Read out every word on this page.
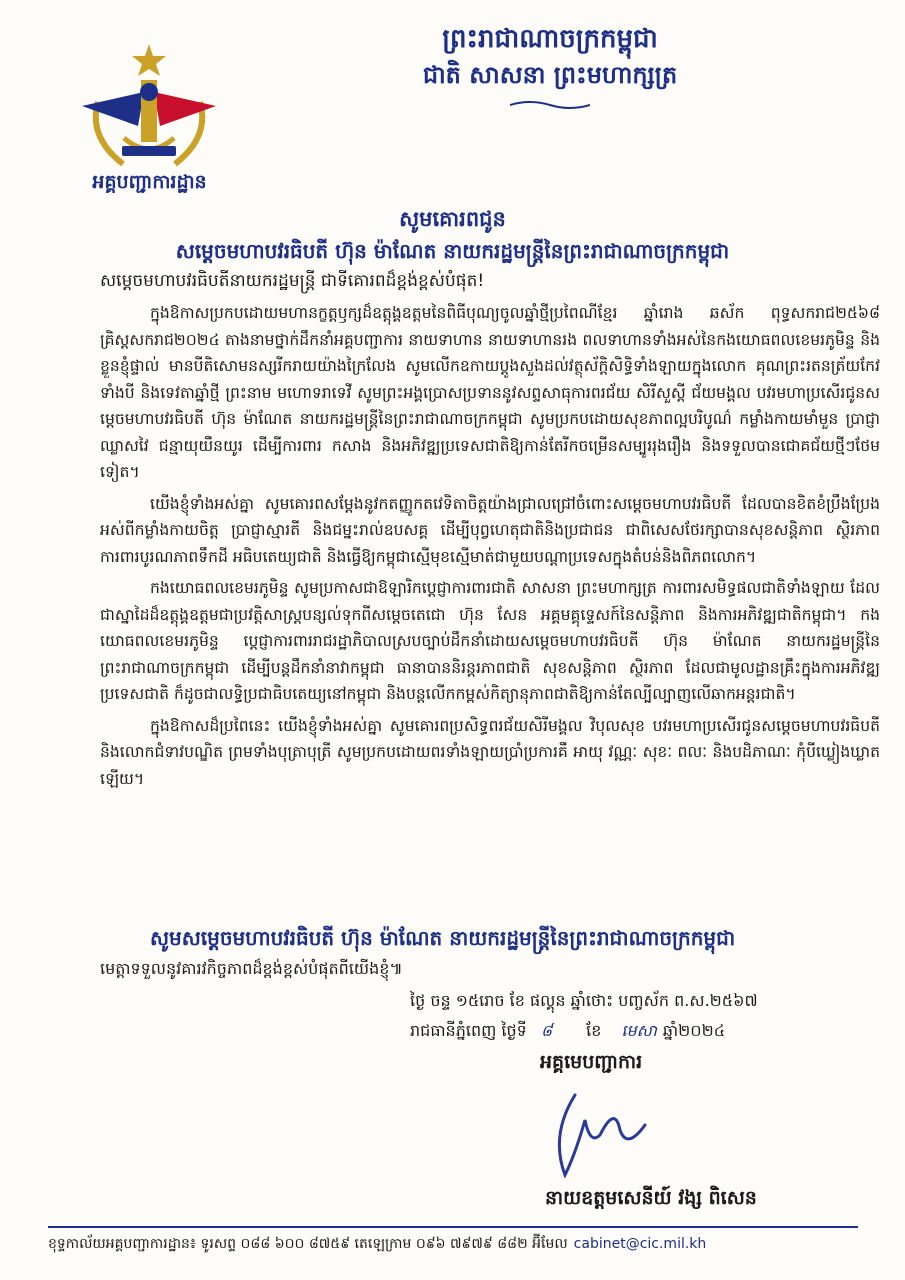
អគ្គបញ្ជាការដ្ឋាន
ព្រះរាជាណាចក្រកម្ពុជា
ជាតិ សាសនា ព្រះមហាក្សត្រ
សូមគោរពជូន
សម្តេចមហាបវរធិបតី ហ៊ុន ម៉ាណែត នាយករដ្ឋមន្ត្រីនៃព្រះរាជាណាចក្រកម្ពុជា
សម្ដេចមហាបវរធិបតីនាយករដ្ឋមន្ត្រី ជាទីគោរពដ៏ខ្ពង់ខ្ពស់បំផុត!

ក្នុងឱកាសប្រកបដោយមហានក្ខត្តឫក្សដ៏ឧត្តុង្គឧត្តមនៃពិធីបុណ្យចូលឆ្នាំថ្មីប្រពៃណីខ្មែរ ឆ្នាំរោង ឆស័ក ពុទ្ធសករាជ២៥៦៨ គ្រិស្តសករាជ២០២៤ តាងនាមថ្នាក់ដឹកនាំអគ្គបញ្ជាការ នាយទាហាន នាយទាហានរង ពលទាហានទាំងអស់នៃកងយោធពលខេមរភូមិន្ទ និងខ្លួនខ្ញុំផ្ទាល់ មានបីតិសោមនស្សរីករាយយ៉ាងក្រៃលែង សូមលើកឧកាយប្ដូងសួងដល់វត្ថុស័ក្តិសិទ្ធិទាំងឡាយក្នុងលោក គុណព្រះរតនត្រ័យកែវទាំងបី និងទេវតាឆ្នាំថ្មី ព្រះនាម មហោទរាទេវី សូមព្រះអង្គប្រោសប្រទាននូវសព្ទសាធុការពរជ័យ សិរីសួស្តី ជ័យមង្គល បវរមហាប្រសើរជូនសម្តេចមហាបវរធិបតី ហ៊ុន ម៉ាណែត នាយករដ្ឋមន្ត្រីនៃព្រះរាជាណាចក្រកម្ពុជា សូមប្រកបដោយសុខភាពល្អបរិបូណ៌ កម្លាំងកាយមាំមួន ប្រាជ្ញាឈ្លាសវៃ ជន្មាយុយឺនយូរ ដើម្បីការពារ កសាង និងអភិវឌ្ឍប្រទេសជាតិឱ្យកាន់តែរីកចម្រើនសម្បូររុងរឿង និងទទួលបានជោគជ័យថ្មីៗថែមទៀត។

យើងខ្ញុំទាំងអស់គ្នា សូមគោរពសម្ដែងនូវកតញ្ញូកតវេទិតាចិត្តយ៉ាងជ្រាលជ្រៅចំពោះសម្តេចមហាបវរធិបតី ដែលបានខិតខំប្រឹងប្រែងអស់ពីកម្លាំងកាយចិត្ត ប្រាជ្ញាស្មារតី និងជម្នះរាល់ឧបសគ្គ ដើម្បីបុព្វហេតុជាតិនិងប្រជាជន ជាពិសេសថែរក្សាបានសុខសន្តិភាព ស្ថិរភាព ការពារបូរណភាពទឹកដី អធិបតេយ្យជាតិ និងធ្វើឱ្យកម្ពុជាស្មើមុខស្មើមាត់ជាមួយបណ្តាប្រទេសក្នុងតំបន់និងពិភពលោក។

កងយោធពលខេមរភូមិន្ទ សូមប្រកាសជាឱឡារិកប្ដេជ្ញាការពារជាតិ សាសនា ព្រះមហាក្សត្រ ការពារសមិទ្ធផលជាតិទាំងឡាយ ដែលជាស្នាដៃដ៏ឧត្តុង្គឧត្តមជាប្រវត្តិសាស្ត្របន្សល់ទុកពីសម្តេចតេជោ ហ៊ុន សែន អគ្គមគ្គុទ្ទេសក៍នៃសន្តិភាព និងការអភិវឌ្ឍជាតិកម្ពុជា។ កងយោធពលខេមរភូមិន្ទ ប្ដេជ្ញាការពាររាជរដ្ឋាភិបាលស្របច្បាប់ដឹកនាំដោយសម្តេចមហាបវរធិបតី ហ៊ុន ម៉ាណែត នាយករដ្ឋមន្ត្រីនៃព្រះរាជាណាចក្រកម្ពុជា ដើម្បីបន្តដឹកនាំនាវាកម្ពុជា ធានាបាននិរន្តរភាពជាតិ សុខសន្តិភាព ស្ថិរភាព ដែលជាមូលដ្ឋានគ្រឹះក្នុងការអភិវឌ្ឍប្រទេសជាតិ ក៏ដូចជាលទ្ធិប្រជាធិបតេយ្យនៅកម្ពុជា និងបន្តលើកកម្ពស់កិត្យានុភាពជាតិឱ្យកាន់តែល្បីល្បាញលើឆាកអន្តរជាតិ។

ក្នុងឱកាសដ៏ប្រពៃនេះ យើងខ្ញុំទាំងអស់គ្នា សូមគោរពប្រសិទ្ធពរជ័យសិរីមង្គល វិបុលសុខ បវរមហាប្រសើរជូនសម្តេចមហាបវរធិបតី និងលោកជំទាវបណ្ឌិត ព្រមទាំងបុត្រាបុត្រី សូមប្រកបដោយពរទាំងឡាយប្រាំប្រការគឺ អាយុ វណ្ណៈ សុខៈ ពលៈ និងបដិភាណៈ កុំបីឃ្លៀងឃ្លាតឡើយ។

សូមសម្តេចមហាបវរធិបតី ហ៊ុន ម៉ាណែត នាយករដ្ឋមន្ត្រីនៃព្រះរាជាណាចក្រកម្ពុជា
មេត្តាទទួលនូវគារវកិច្ចភាពដ៏ខ្ពង់ខ្ពស់បំផុតពីយើងខ្ញុំ៕
ថ្ងៃ ចន្ទ ១៥រោច ខែ ផល្គុន ឆ្នាំថោះ បញ្ចស័ក ព.ស.២៥៦៧
រាជធានីភ្នំពេញ ថ្ងៃទី ៨ ខែ មេសា ឆ្នាំ២០២៤
អគ្គមេបញ្ជាការ
នាយឧត្តមសេនីយ៍ វង្ស ពិសេន
ខុទ្ទកាល័យអគ្គបញ្ជាការដ្ឋាន៖ ទូរសព្ទ ០៨៨ ៦០០ ៨៧៥៩ តេឡេក្រាម ០៩៦ ៧៩៧៩ ៨៨២ អ៊ីមែល cabinet@cic.mil.kh
